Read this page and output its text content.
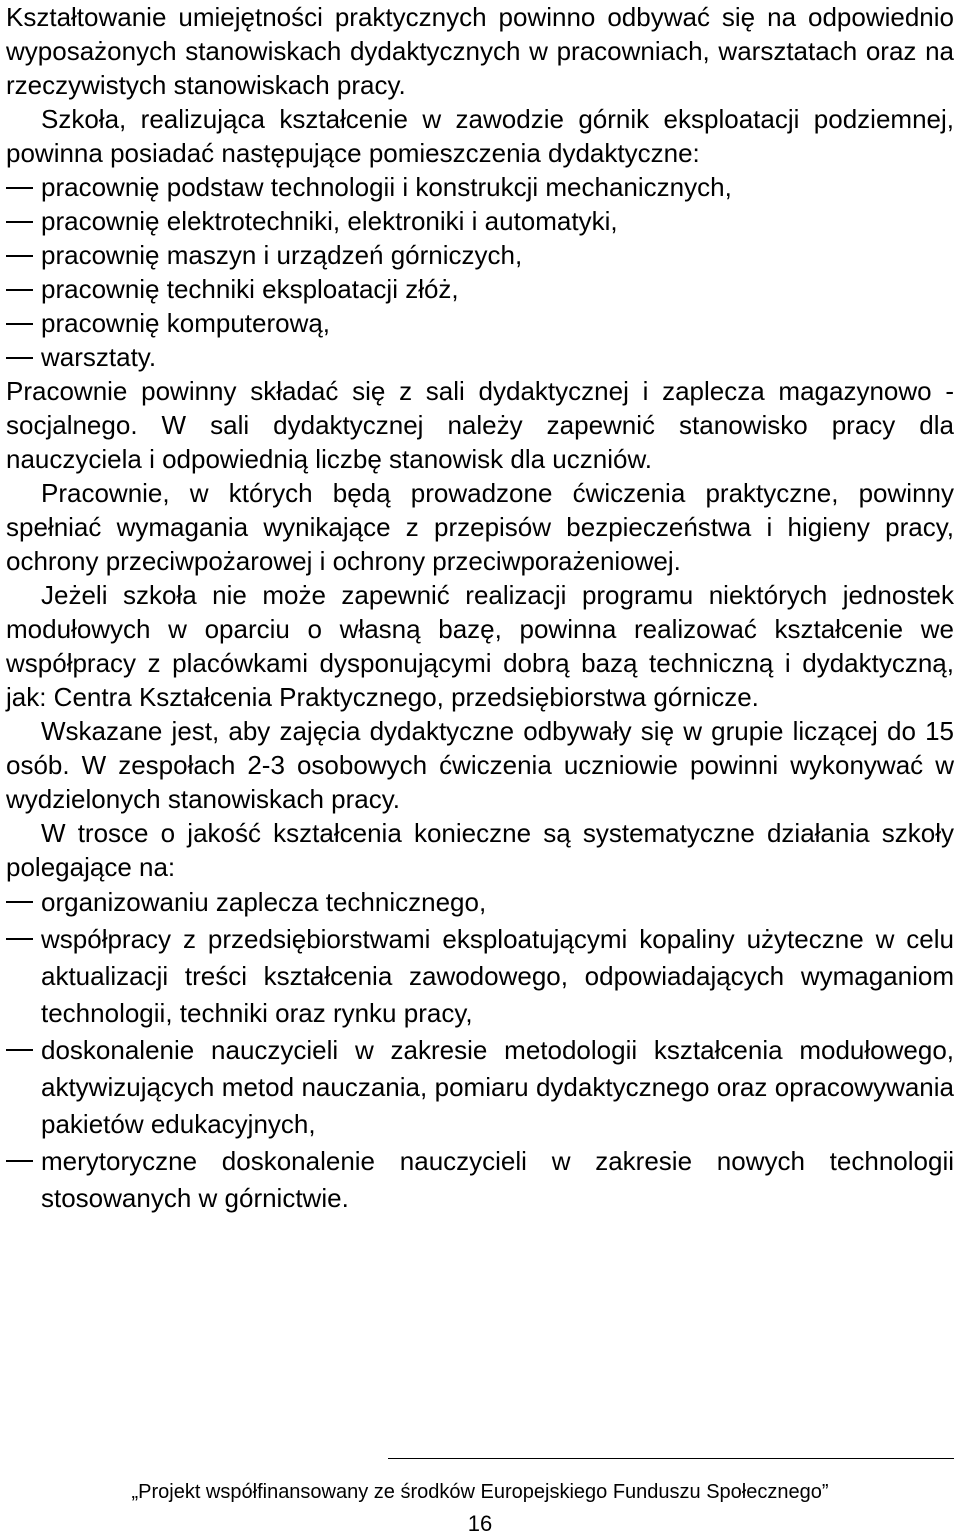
Kształtowanie umiejętności praktycznych powinno odbywać się na odpowiednio wyposażonych stanowiskach dydaktycznych w pracowniach, warsztatach oraz na rzeczywistych stanowiskach pracy.

Szkoła, realizująca kształcenie w zawodzie górnik eksploatacji podziemnej, powinna posiadać następujące pomieszczenia dydaktyczne:

pracownię podstaw technologii i konstrukcji mechanicznych,
pracownię elektrotechniki, elektroniki i automatyki,
pracownię maszyn i urządzeń górniczych,
pracownię techniki eksploatacji złóż,
pracownię komputerową,
warsztaty.

Pracownie powinny składać się z sali dydaktycznej i zaplecza magazynowo - socjalnego. W sali dydaktycznej należy zapewnić stanowisko pracy dla nauczyciela i odpowiednią liczbę stanowisk dla uczniów.

Pracownie, w których będą prowadzone ćwiczenia praktyczne, powinny spełniać wymagania wynikające z przepisów bezpieczeństwa i higieny pracy, ochrony przeciwpożarowej i ochrony przeciwporażeniowej.

Jeżeli szkoła nie może zapewnić realizacji programu niektórych jednostek modułowych w oparciu o własną bazę, powinna realizować kształcenie we współpracy z placówkami dysponującymi dobrą bazą techniczną i dydaktyczną, jak: Centra Kształcenia Praktycznego, przedsiębiorstwa górnicze.

Wskazane jest, aby zajęcia dydaktyczne odbywały się w grupie liczącej do 15 osób. W zespołach 2-3 osobowych ćwiczenia uczniowie powinni wykonywać w wydzielonych stanowiskach pracy.

W trosce o jakość kształcenia konieczne są systematyczne działania szkoły polegające na:

organizowaniu zaplecza technicznego,
współpracy z przedsiębiorstwami eksploatującymi kopaliny użyteczne w celu aktualizacji treści kształcenia zawodowego, odpowiadających wymaganiom technologii, techniki oraz rynku pracy,
doskonalenie nauczycieli w zakresie metodologii kształcenia modułowego, aktywizujących metod nauczania, pomiaru dydaktycznego oraz opracowywania pakietów edukacyjnych,
merytoryczne doskonalenie nauczycieli w zakresie nowych technologii stosowanych w górnictwie.
„Projekt współfinansowany ze środków Europejskiego Funduszu Społecznego”
16
